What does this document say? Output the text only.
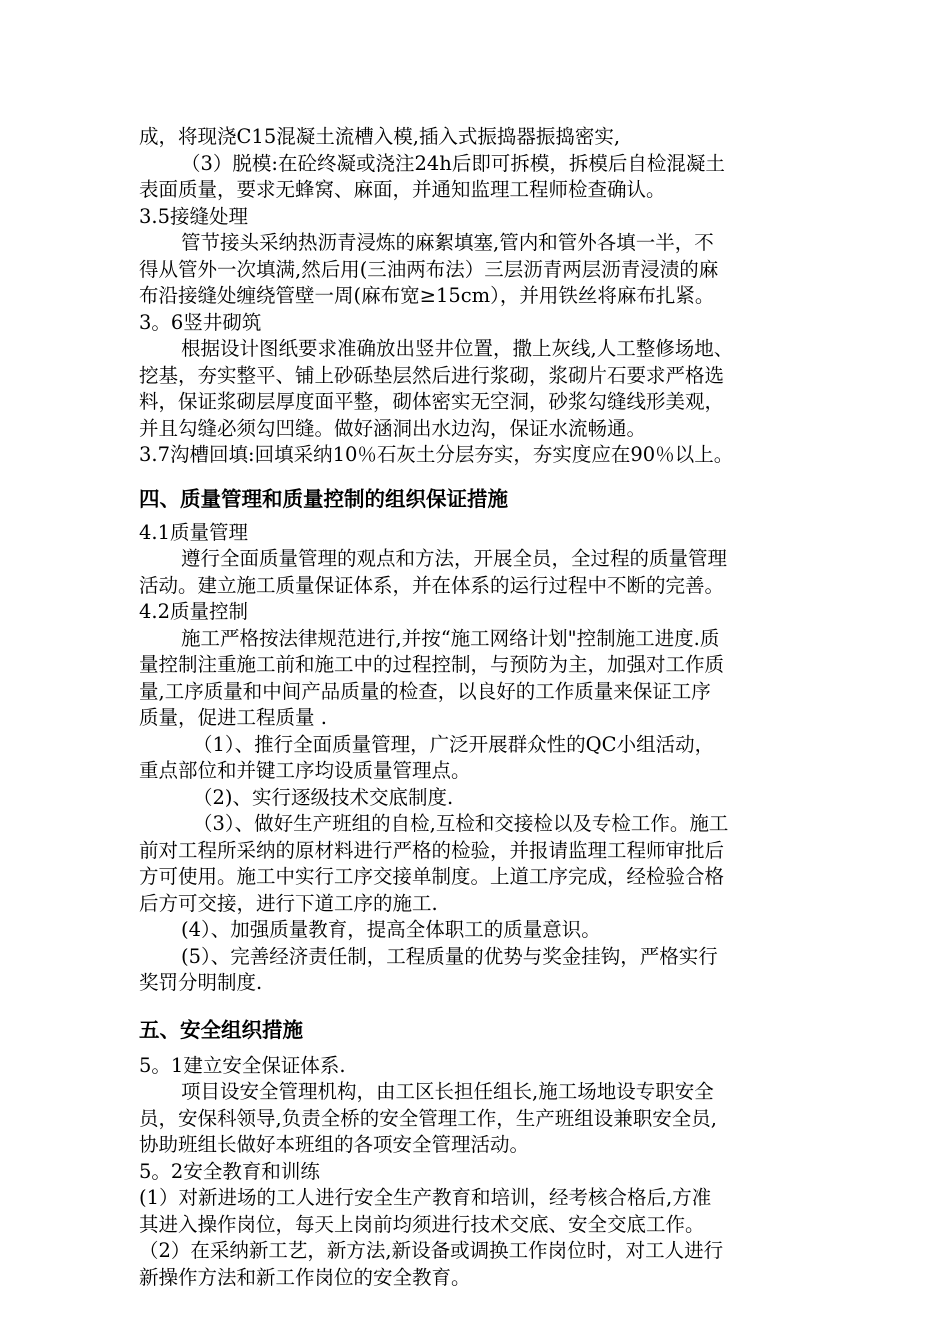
成，将现浇C15混凝土流槽入模,插入式振捣器振捣密实,

（3）脱模:在砼终凝或浇注24h后即可拆模，拆模后自检混凝土

表面质量，要求无蜂窝、麻面，并通知监理工程师检查确认。

3.5接缝处理

管节接头采纳热沥青浸炼的麻絮填塞,管内和管外各填一半，不

得从管外一次填满,然后用(三油两布法）三层沥青两层沥青浸渍的麻

布沿接缝处缠绕管壁一周(麻布宽≥15cm），并用铁丝将麻布扎紧。

3。6竖井砌筑

根据设计图纸要求准确放出竖井位置，撒上灰线,人工整修场地、

挖基，夯实整平、铺上砂砾垫层然后进行浆砌，浆砌片石要求严格选

料，保证浆砌层厚度面平整，砌体密实无空洞，砂浆勾缝线形美观，

并且勾缝必须勾凹缝。做好涵洞出水边沟，保证水流畅通。

3.7沟槽回填:回填采纳10％石灰土分层夯实，夯实度应在90％以上。

四、质量管理和质量控制的组织保证措施

4.1质量管理

遵行全面质量管理的观点和方法，开展全员，全过程的质量管理

活动。建立施工质量保证体系，并在体系的运行过程中不断的完善。

4.2质量控制

施工严格按法律规范进行,并按“施工网络计划"控制施工进度.质

量控制注重施工前和施工中的过程控制，与预防为主，加强对工作质

量,工序质量和中间产品质量的检查，以良好的工作质量来保证工序

质量，促进工程质量 .

（1）、推行全面质量管理，广泛开展群众性的QC小组活动，

重点部位和并键工序均设质量管理点。

（2)、实行逐级技术交底制度.

（3）、做好生产班组的自检,互检和交接检以及专检工作。施工

前对工程所采纳的原材料进行严格的检验，并报请监理工程师审批后

方可使用。施工中实行工序交接单制度。上道工序完成，经检验合格

后方可交接，进行下道工序的施工.

(4）、加强质量教育，提高全体职工的质量意识。

(5）、完善经济责任制，工程质量的优势与奖金挂钩，严格实行

奖罚分明制度.

五、安全组织措施

5。1建立安全保证体系.

项目设安全管理机构，由工区长担任组长,施工场地设专职安全

员，安保科领导,负责全桥的安全管理工作，生产班组设兼职安全员,

协助班组长做好本班组的各项安全管理活动。

5。2安全教育和训练

(1）对新进场的工人进行安全生产教育和培训，经考核合格后,方准

其进入操作岗位，每天上岗前均须进行技术交底、安全交底工作。

（2）在采纳新工艺，新方法,新设备或调换工作岗位时，对工人进行

新操作方法和新工作岗位的安全教育。
